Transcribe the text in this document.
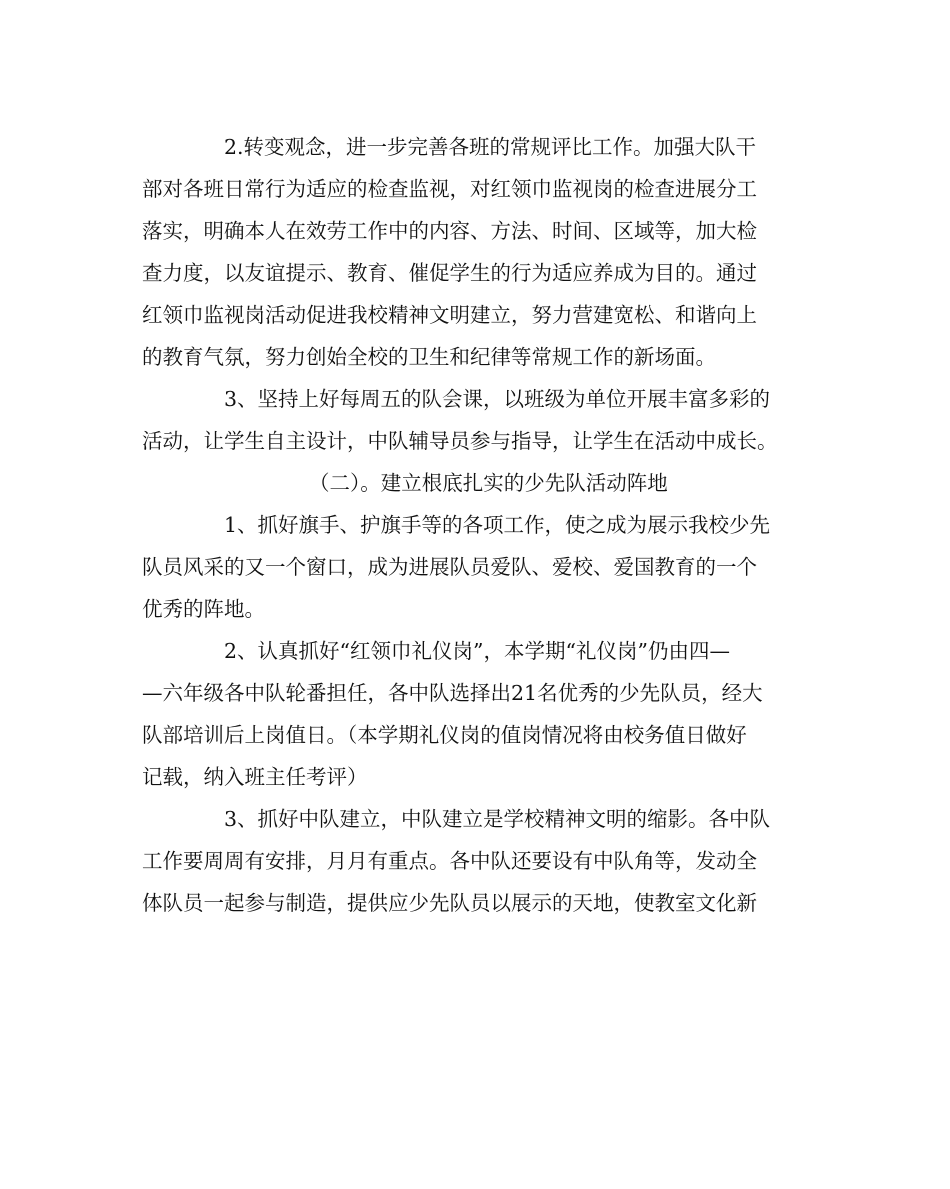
2.转变观念，进一步完善各班的常规评比工作。加强大队干
部对各班日常行为适应的检查监视，对红领巾监视岗的检查进展分工
落实，明确本人在效劳工作中的内容、方法、时间、区域等，加大检
查力度，以友谊提示、教育、催促学生的行为适应养成为目的。通过
红领巾监视岗活动促进我校精神文明建立，努力营建宽松、和谐向上
的教育气氛，努力创始全校的卫生和纪律等常规工作的新场面。
3、坚持上好每周五的队会课，以班级为单位开展丰富多彩的
活动，让学生自主设计，中队辅导员参与指导，让学生在活动中成长。
（二）。建立根底扎实的少先队活动阵地
1、抓好旗手、护旗手等的各项工作，使之成为展示我校少先
队员风采的又一个窗口，成为进展队员爱队、爱校、爱国教育的一个
优秀的阵地。
2、认真抓好“红领巾礼仪岗”，本学期“礼仪岗”仍由四—
—六年级各中队轮番担任，各中队选择出21名优秀的少先队员，经大
队部培训后上岗值日。（本学期礼仪岗的值岗情况将由校务值日做好
记载，纳入班主任考评）
3、抓好中队建立，中队建立是学校精神文明的缩影。各中队
工作要周周有安排，月月有重点。各中队还要设有中队角等，发动全
体队员一起参与制造，提供应少先队员以展示的天地，使教室文化新
